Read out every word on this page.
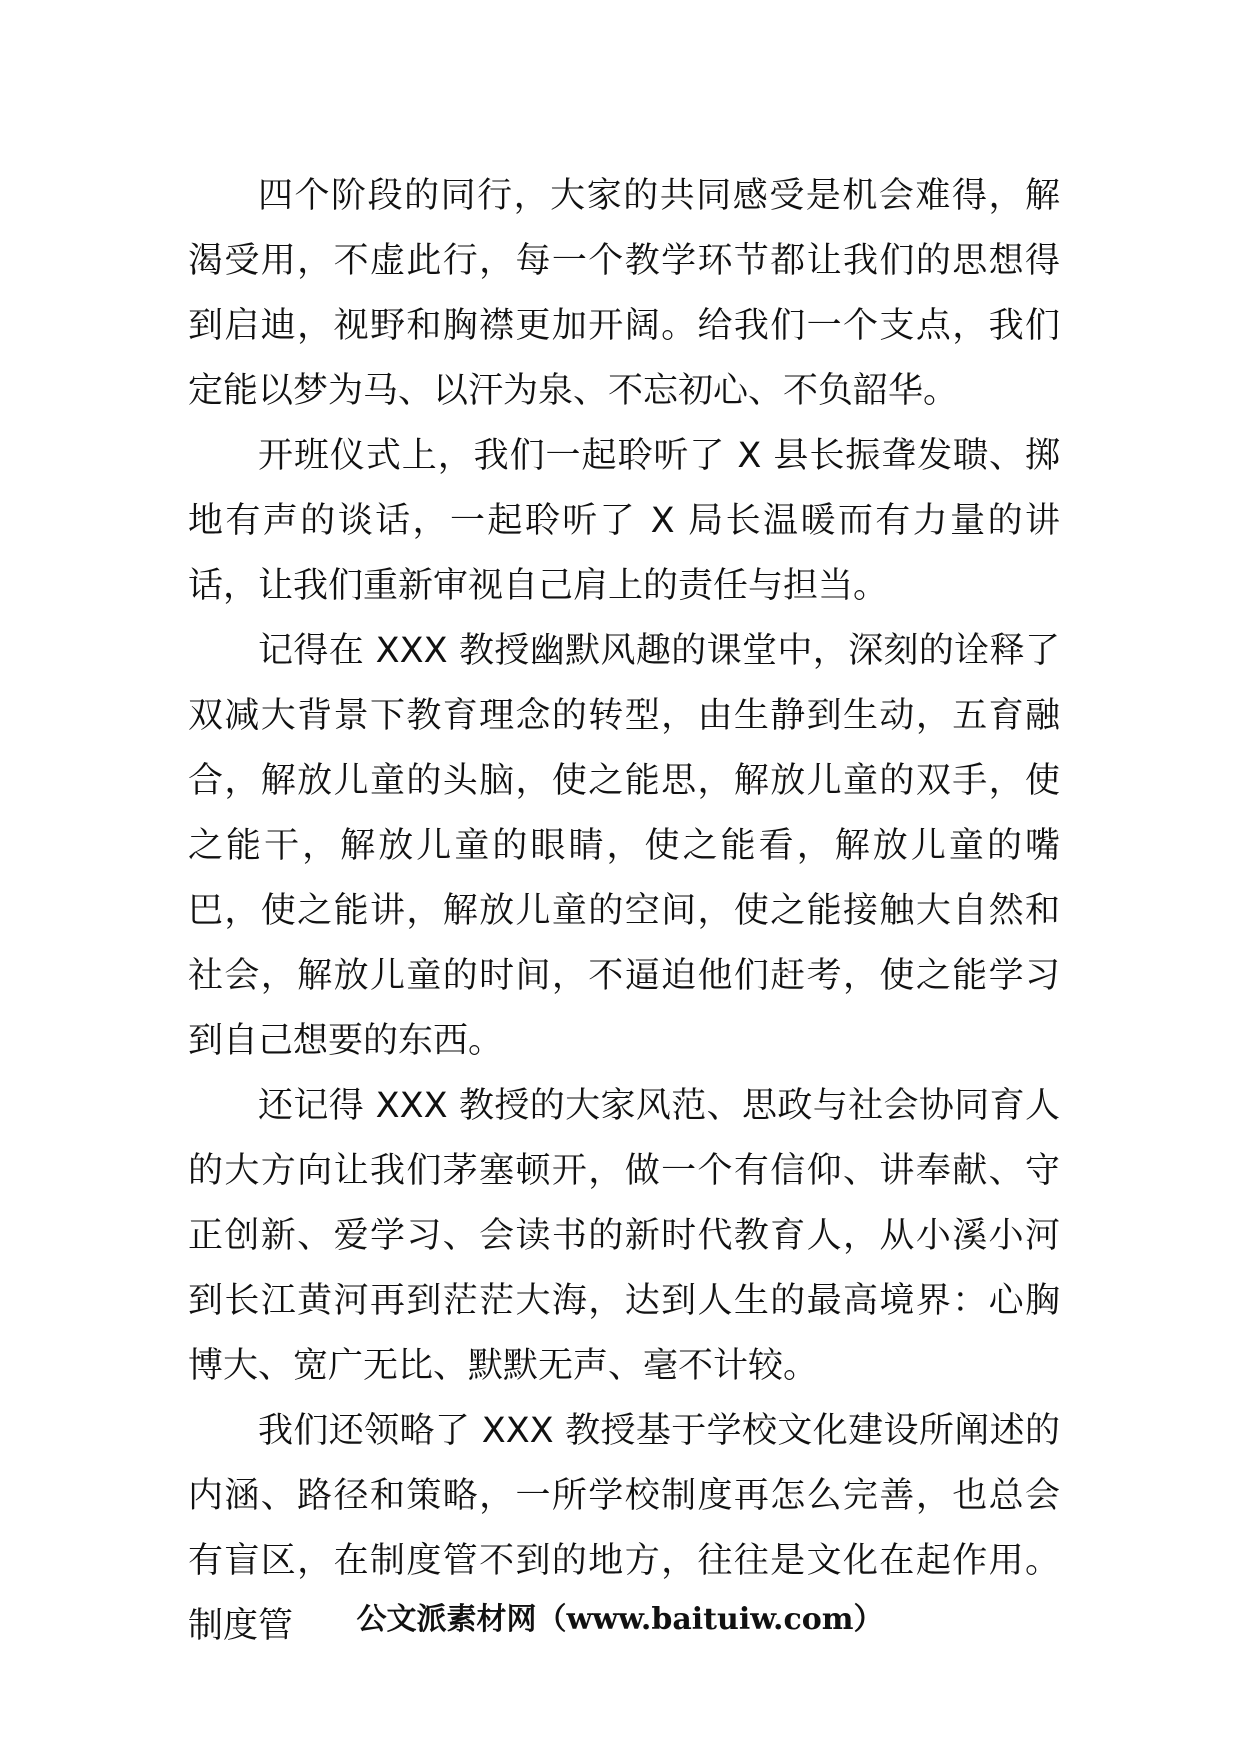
四个阶段的同行，大家的共同感受是机会难得，解渴受用，不虚此行，每一个教学环节都让我们的思想得到启迪，视野和胸襟更加开阔。给我们一个支点，我们定能以梦为马、以汗为泉、不忘初心、不负韶华。

开班仪式上，我们一起聆听了 X 县长振聋发聩、掷地有声的谈话，一起聆听了 X 局长温暖而有力量的讲话，让我们重新审视自己肩上的责任与担当。

记得在 XXX 教授幽默风趣的课堂中，深刻的诠释了双减大背景下教育理念的转型，由生静到生动，五育融合，解放儿童的头脑，使之能思，解放儿童的双手，使之能干，解放儿童的眼睛，使之能看，解放儿童的嘴巴，使之能讲，解放儿童的空间，使之能接触大自然和社会，解放儿童的时间，不逼迫他们赶考，使之能学习到自己想要的东西。

还记得 XXX 教授的大家风范、思政与社会协同育人的大方向让我们茅塞顿开，做一个有信仰、讲奉献、守正创新、爱学习、会读书的新时代教育人，从小溪小河到长江黄河再到茫茫大海，达到人生的最高境界：心胸博大、宽广无比、默默无声、毫不计较。

我们还领略了 XXX 教授基于学校文化建设所阐述的内涵、路径和策略，一所学校制度再怎么完善，也总会有盲区，在制度管不到的地方，往往是文化在起作用。制度管	公文派素材网（www.baituiw.com）
